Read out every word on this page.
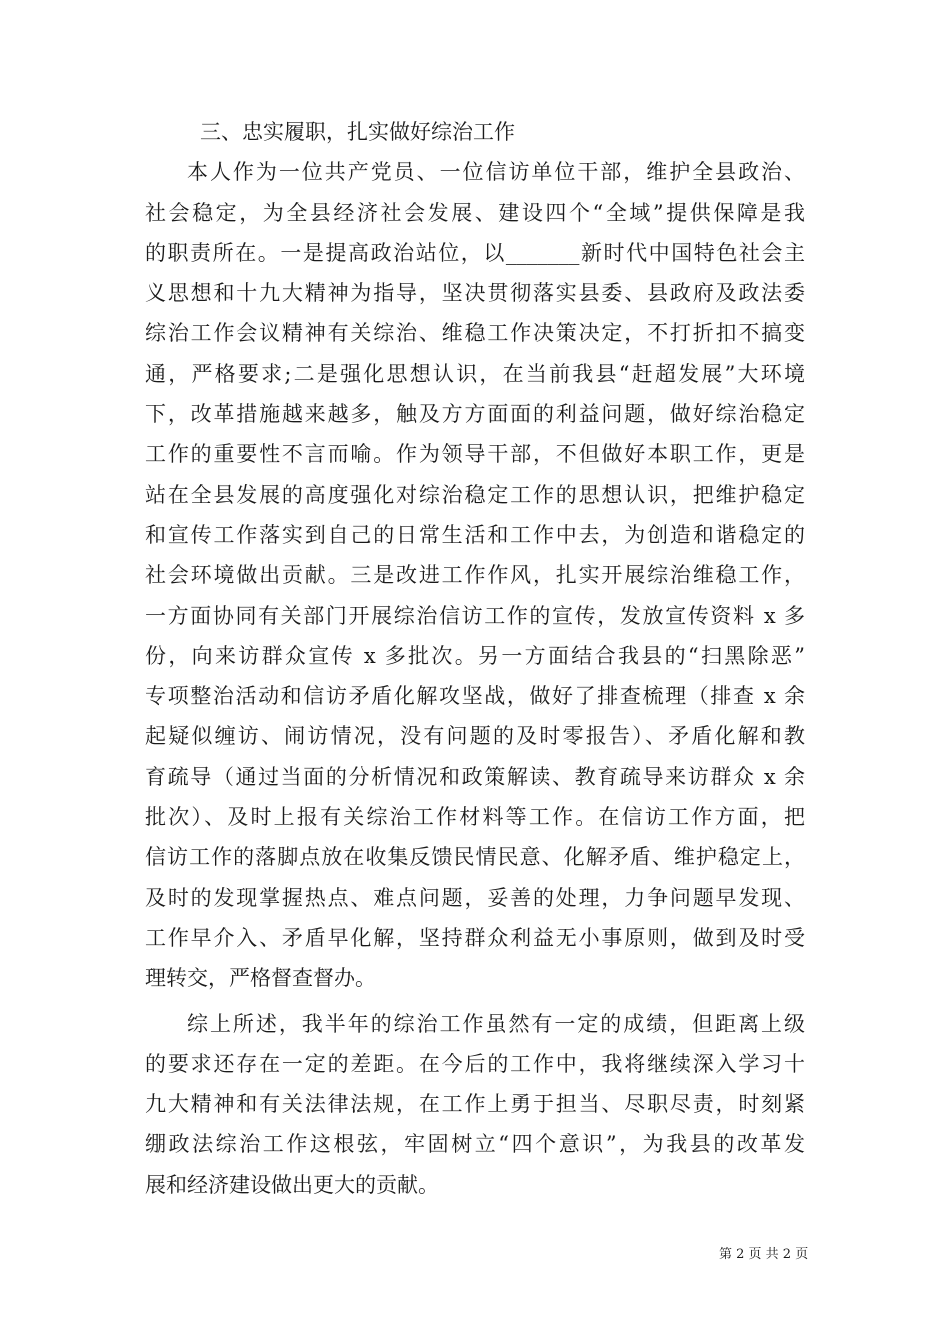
三、忠实履职，扎实做好综治工作
本人作为一位共产党员、一位信访单位干部，维护全县政治、
社会稳定，为全县经济社会发展、建设四个“全域”提供保障是我
的职责所在。一是提高政治站位，以_______新时代中国特色社会主
义思想和十九大精神为指导，坚决贯彻落实县委、县政府及政法委
综治工作会议精神有关综治、维稳工作决策决定，不打折扣不搞变
通，严格要求;二是强化思想认识，在当前我县“赶超发展”大环境
下，改革措施越来越多，触及方方面面的利益问题，做好综治稳定
工作的重要性不言而喻。作为领导干部，不但做好本职工作，更是
站在全县发展的高度强化对综治稳定工作的思想认识，把维护稳定
和宣传工作落实到自己的日常生活和工作中去，为创造和谐稳定的
社会环境做出贡献。三是改进工作作风，扎实开展综治维稳工作，
一方面协同有关部门开展综治信访工作的宣传，发放宣传资料 x 多
份，向来访群众宣传 x 多批次。另一方面结合我县的“扫黑除恶”
专项整治活动和信访矛盾化解攻坚战，做好了排查梳理（排查 x 余
起疑似缠访、闹访情况，没有问题的及时零报告）、矛盾化解和教
育疏导（通过当面的分析情况和政策解读、教育疏导来访群众 x 余
批次）、及时上报有关综治工作材料等工作。在信访工作方面，把
信访工作的落脚点放在收集反馈民情民意、化解矛盾、维护稳定上，
及时的发现掌握热点、难点问题，妥善的处理，力争问题早发现、
工作早介入、矛盾早化解，坚持群众利益无小事原则，做到及时受
理转交，严格督查督办。
综上所述，我半年的综治工作虽然有一定的成绩，但距离上级
的要求还存在一定的差距。在今后的工作中，我将继续深入学习十
九大精神和有关法律法规，在工作上勇于担当、尽职尽责，时刻紧
绷政法综治工作这根弦，牢固树立“四个意识”，为我县的改革发
展和经济建设做出更大的贡献。
第 2 页 共 2 页
